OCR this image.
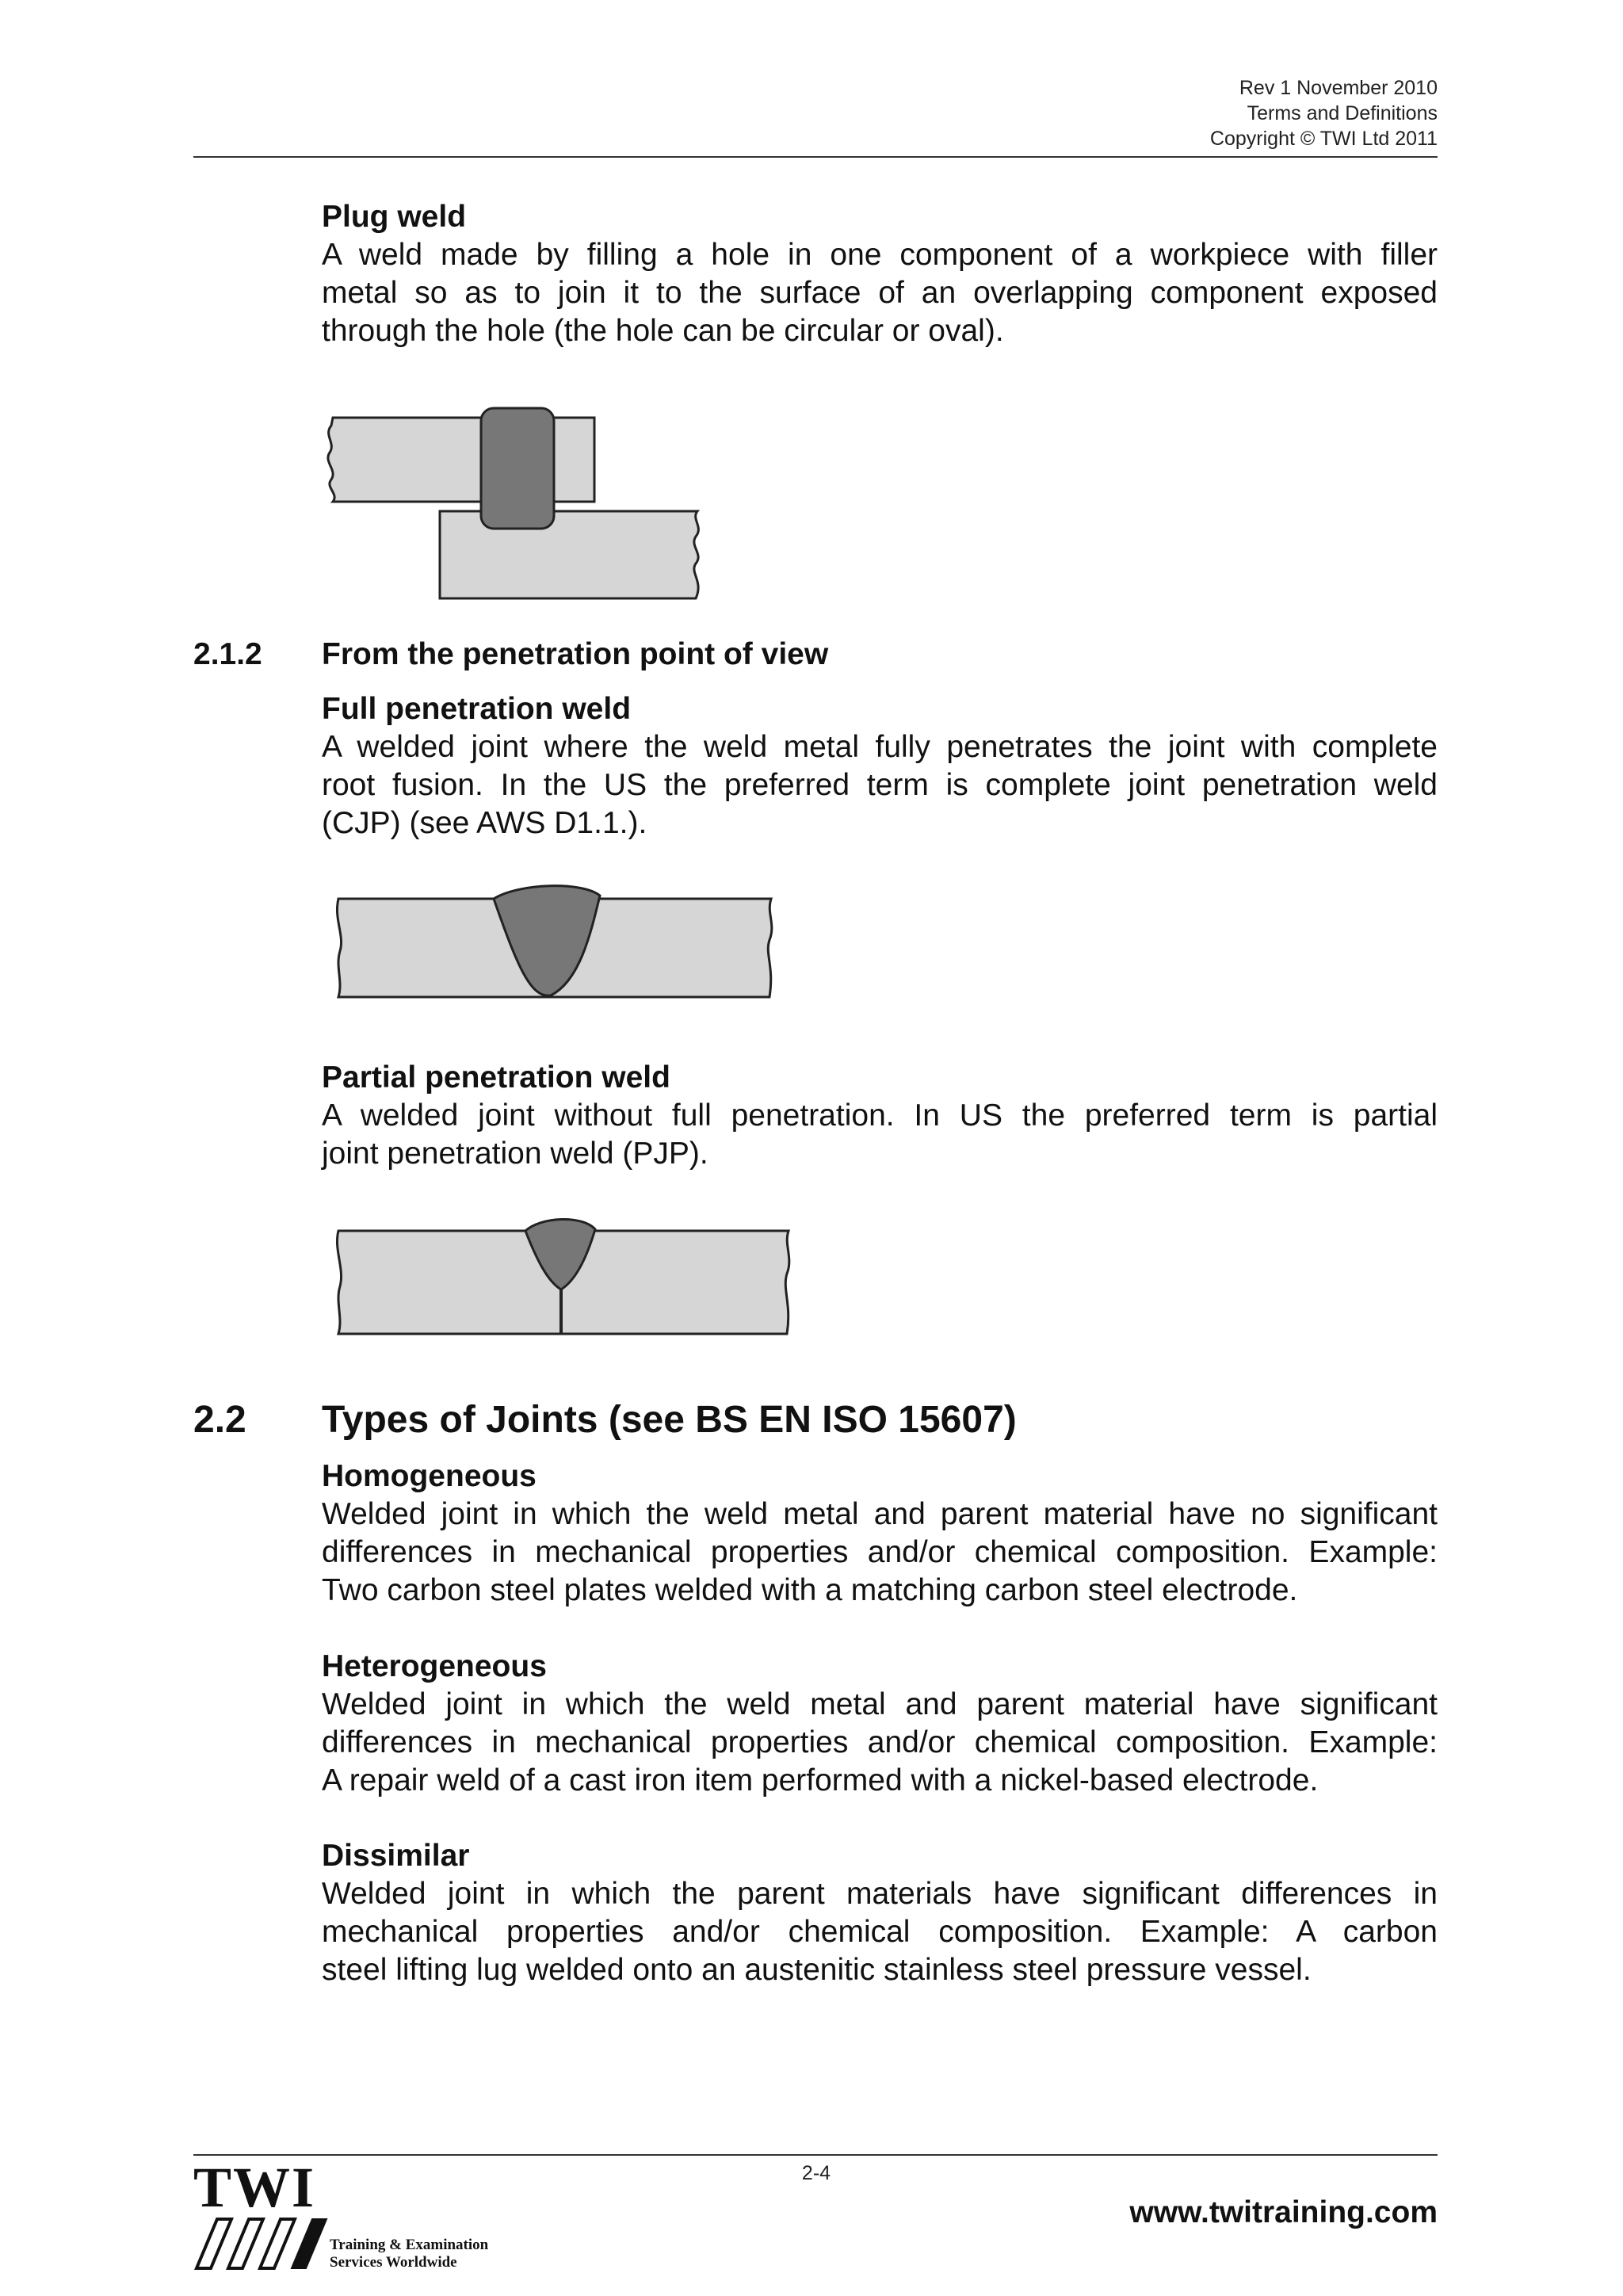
Rev 1 November 2010
Terms and Definitions
Copyright © TWI Ltd 2011
Plug weld
A weld made by filling a hole in one component of a workpiece with filler
metal so as to join it to the surface of an overlapping component exposed
through the hole (the hole can be circular or oval).
2.1.2 From the penetration point of view
Full penetration weld
A welded joint where the weld metal fully penetrates the joint with complete
root fusion. In the US the preferred term is complete joint penetration weld
(CJP) (see AWS D1.1.).
Partial penetration weld
A welded joint without full penetration. In US the preferred term is partial
joint penetration weld (PJP).
2.2 Types of Joints (see BS EN ISO 15607)
Homogeneous
Welded joint in which the weld metal and parent material have no significant
differences in mechanical properties and/or chemical composition. Example:
Two carbon steel plates welded with a matching carbon steel electrode.
Heterogeneous
Welded joint in which the weld metal and parent material have significant
differences in mechanical properties and/or chemical composition. Example:
A repair weld of a cast iron item performed with a nickel-based electrode.
Dissimilar
Welded joint in which the parent materials have significant differences in
mechanical properties and/or chemical composition. Example: A carbon
steel lifting lug welded onto an austenitic stainless steel pressure vessel.
2-4
TWI
Training & Examination
Services Worldwide
www.twitraining.com
